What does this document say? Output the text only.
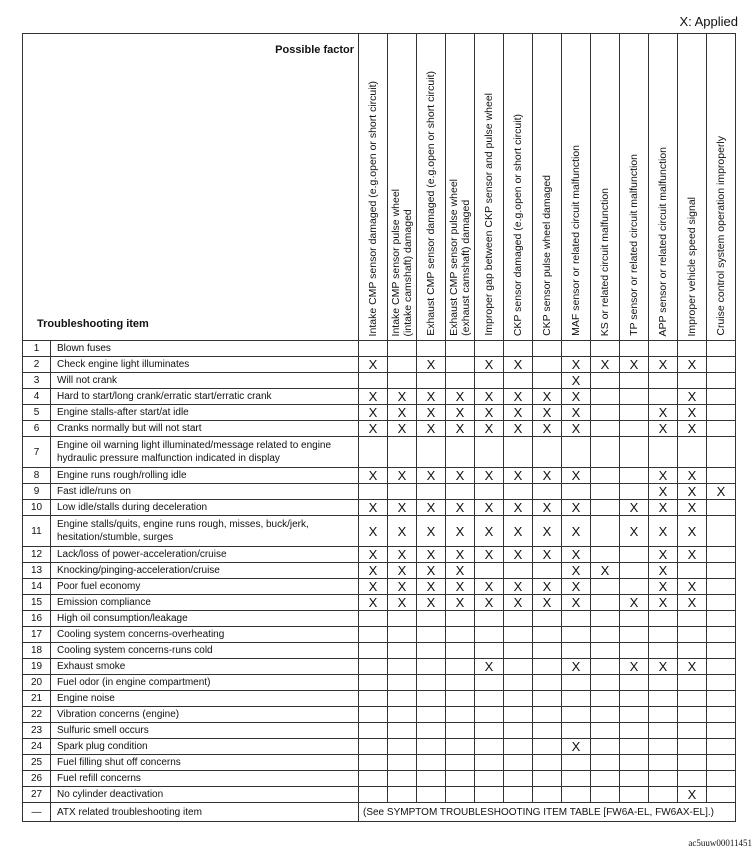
X: Applied
Possible factor
Troubleshooting item		Intake CMP sensor damaged (e.g.open or short circuit)	Intake CMP sensor pulse wheel
(intake camshaft) damaged	Exhaust CMP sensor damaged (e.g.open or short circuit)	Exhaust CMP sensor pulse wheel
(exhaust camshaft) damaged	Improper gap between CKP sensor and pulse wheel	CKP sensor damaged (e.g.open or short circuit)	CKP sensor pulse wheel damaged	MAF sensor or related circuit malfunction	KS or related circuit malfunction	TP sensor or related circuit malfunction	APP sensor or related circuit malfunction	Improper vehicle speed signal	Cruise control system operation improperly

1	Blown fuses													
2	Check engine light illuminates	X		X		X	X		X	X	X	X	X	
3	Will not crank								X					
4	Hard to start/long crank/erratic start/erratic crank	X	X	X	X	X	X	X	X				X	
5	Engine stalls-after start/at idle	X	X	X	X	X	X	X	X			X	X	
6	Cranks normally but will not start	X	X	X	X	X	X	X	X			X	X	
7	Engine oil warning light illuminated/message related to engine hydraulic pressure malfunction indicated in display													
8	Engine runs rough/rolling idle	X	X	X	X	X	X	X	X			X	X	
9	Fast idle/runs on											X	X	X
10	Low idle/stalls during deceleration	X	X	X	X	X	X	X	X		X	X	X	
11	Engine stalls/quits, engine runs rough, misses, buck/jerk, hesitation/stumble, surges	X	X	X	X	X	X	X	X		X	X	X	
12	Lack/loss of power-acceleration/cruise	X	X	X	X	X	X	X	X			X	X	
13	Knocking/pinging-acceleration/cruise	X	X	X	X				X	X		X		
14	Poor fuel economy	X	X	X	X	X	X	X	X			X	X	
15	Emission compliance	X	X	X	X	X	X	X	X		X	X	X	
16	High oil consumption/leakage													
17	Cooling system concerns-overheating													
18	Cooling system concerns-runs cold													
19	Exhaust smoke					X			X		X	X	X	
20	Fuel odor (in engine compartment)													
21	Engine noise													
22	Vibration concerns (engine)													
23	Sulfuric smell occurs													
24	Spark plug condition								X					
25	Fuel filling shut off concerns													
26	Fuel refill concerns													
27	No cylinder deactivation												X	
—	ATX related troubleshooting item	(See SYMPTOM TROUBLESHOOTING ITEM TABLE [FW6A-EL, FW6AX-EL].)												
ac5uuw00011451
